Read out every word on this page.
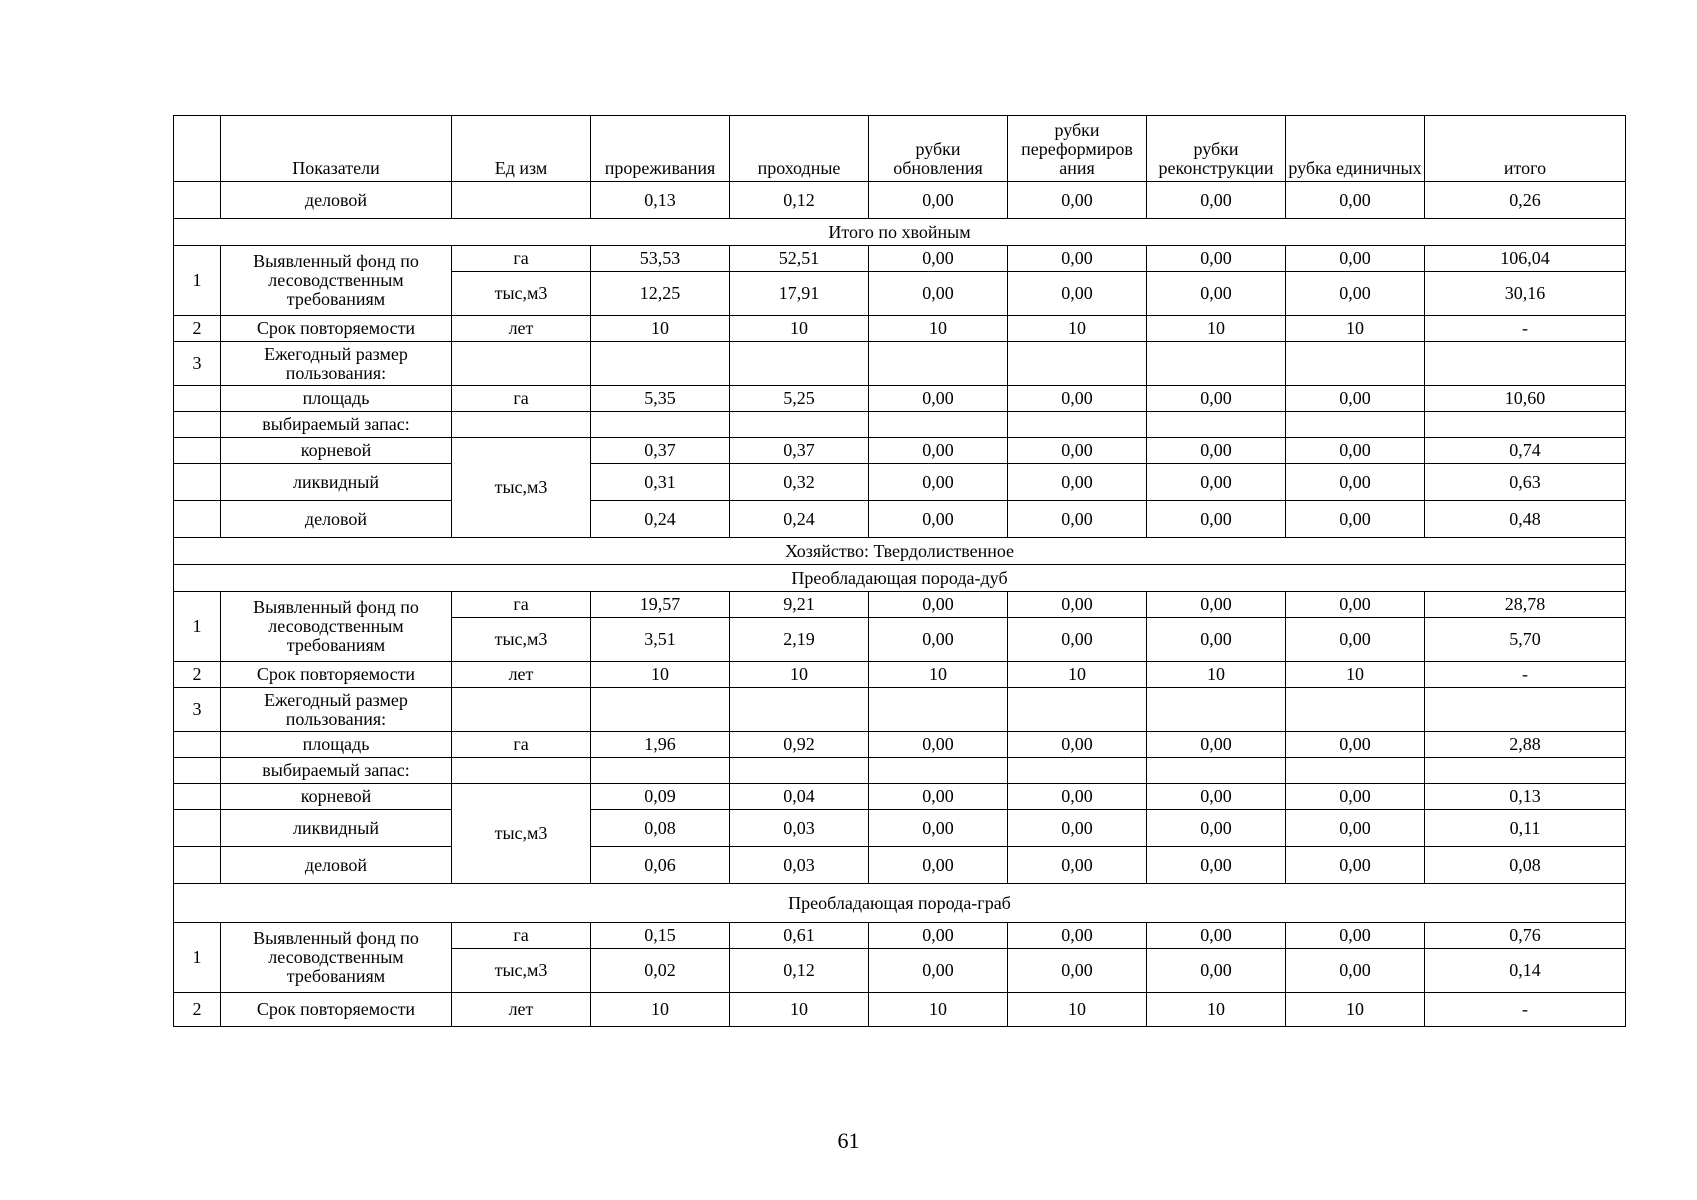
	Показатели	Ед изм	прореживания	проходные	рубки обновления	рубки переформиров ания	рубки реконструкции	рубка единичных	итого
	деловой		0,13	0,12	0,00	0,00	0,00	0,00	0,26
Итого по хвойным									
1	Выявленный фонд по лесоводственным требованиям	га	53,53	52,51	0,00	0,00	0,00	0,00	106,04
		тыс,м3	12,25	17,91	0,00	0,00	0,00	0,00	30,16
2	Срок повторяемости	лет	10	10	10	10	10	10	-
3	Ежегодный размер пользования:								
	площадь	га	5,35	5,25	0,00	0,00	0,00	0,00	10,60
	выбираемый запас:								
	корневой	тыс,м3	0,37	0,37	0,00	0,00	0,00	0,00	0,74
	ликвидный		0,31	0,32	0,00	0,00	0,00	0,00	0,63
	деловой		0,24	0,24	0,00	0,00	0,00	0,00	0,48
Хозяйство: Твердолиственное									
Преобладающая порода-дуб									
1	Выявленный фонд по лесоводственным требованиям	га	19,57	9,21	0,00	0,00	0,00	0,00	28,78
		тыс,м3	3,51	2,19	0,00	0,00	0,00	0,00	5,70
2	Срок повторяемости	лет	10	10	10	10	10	10	-
3	Ежегодный размер пользования:								
	площадь	га	1,96	0,92	0,00	0,00	0,00	0,00	2,88
	выбираемый запас:								
	корневой	тыс,м3	0,09	0,04	0,00	0,00	0,00	0,00	0,13
	ликвидный		0,08	0,03	0,00	0,00	0,00	0,00	0,11
	деловой		0,06	0,03	0,00	0,00	0,00	0,00	0,08
Преобладающая порода-граб									
1	Выявленный фонд по лесоводственным требованиям	га	0,15	0,61	0,00	0,00	0,00	0,00	0,76
		тыс,м3	0,02	0,12	0,00	0,00	0,00	0,00	0,14
2	Срок повторяемости	лет	10	10	10	10	10	10	-
61
